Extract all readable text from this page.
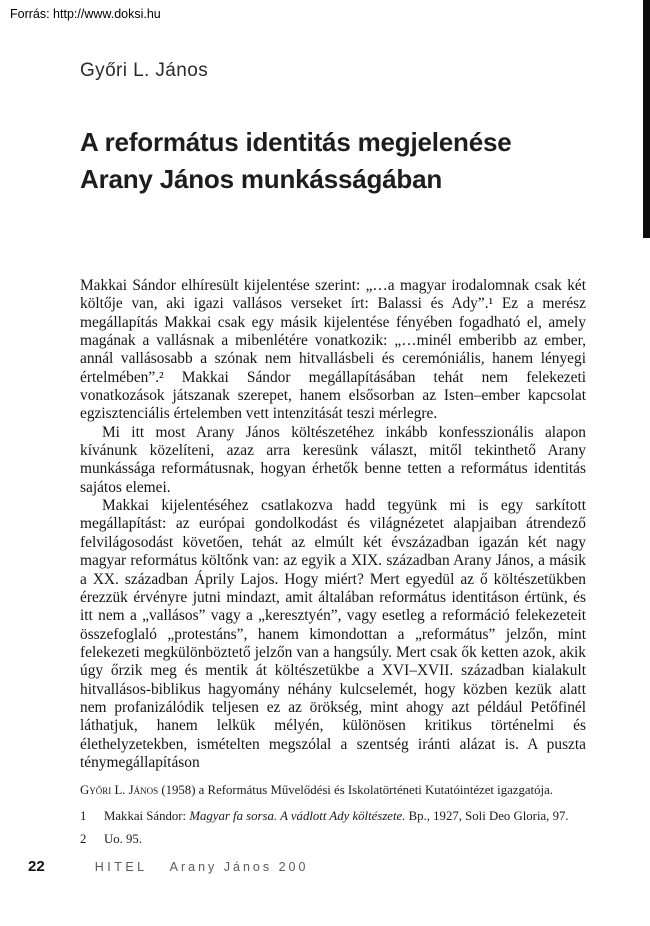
Forrás: http://www.doksi.hu
Győri L. János
A református identitás megjelenése
Arany János munkásságában

Makkai Sándor elhíresült kijelentése szerint: „…a magyar irodalomnak csak két költője van, aki igazi vallásos verseket írt: Balassi és Ady”.¹ Ez a merész megállapítás Makkai csak egy másik kijelentése fényében fogadható el, amely magának a vallásnak a mibenlétére vonatkozik: „…minél emberibb az ember, annál vallásosabb a szónak nem hitvallásbeli és ceremóniális, hanem lényegi értelmében”.² Makkai Sándor megállapításában tehát nem felekezeti vonatkozások játszanak szerepet, hanem elsősorban az Isten–ember kapcsolat egzisztenciális értelemben vett intenzitását teszi mérlegre.

Mi itt most Arany János költészetéhez inkább konfesszionális alapon kívánunk közelíteni, azaz arra keresünk választ, mitől tekinthető Arany munkássága reformátusnak, hogyan érhetők benne tetten a református identitás sajátos elemei.

Makkai kijelentéséhez csatlakozva hadd tegyünk mi is egy sarkított megállapítást: az európai gondolkodást és világnézetet alapjaiban átrendező felvilágosodást követően, tehát az elmúlt két évszázadban igazán két nagy magyar református költőnk van: az egyik a XIX. században Arany János, a másik a XX. században Áprily Lajos. Hogy miért? Mert egyedül az ő költészetükben érezzük érvényre jutni mindazt, amit általában református identitáson értünk, és itt nem a „vallásos” vagy a „keresztyén”, vagy esetleg a reformáció felekezeteit összefoglaló „protestáns”, hanem kimondottan a „református” jelzőn, mint felekezeti megkülönböztető jelzőn van a hangsúly. Mert csak ők ketten azok, akik úgy őrzik meg és mentik át költészetükbe a XVI–XVII. században kialakult hitvallásos-biblikus hagyomány néhány kulcselemét, hogy közben kezük alatt nem profanizálódik teljesen ez az örökség, mint ahogy azt például Petőfinél láthatjuk, hanem lelkük mélyén, különösen kritikus történelmi és élethelyzetekben, ismételten megszólal a szentség iránti alázat is. A puszta ténymegállapításon

Győri L. János (1958) a Református Művelődési és Iskolatörténeti Kutatóintézet igazgatója.
1 Makkai Sándor: Magyar fa sorsa. A vádlott Ady költészete. Bp., 1927, Soli Deo Gloria, 97.
2 Uo. 95.
22	HITEL Arany János 200
